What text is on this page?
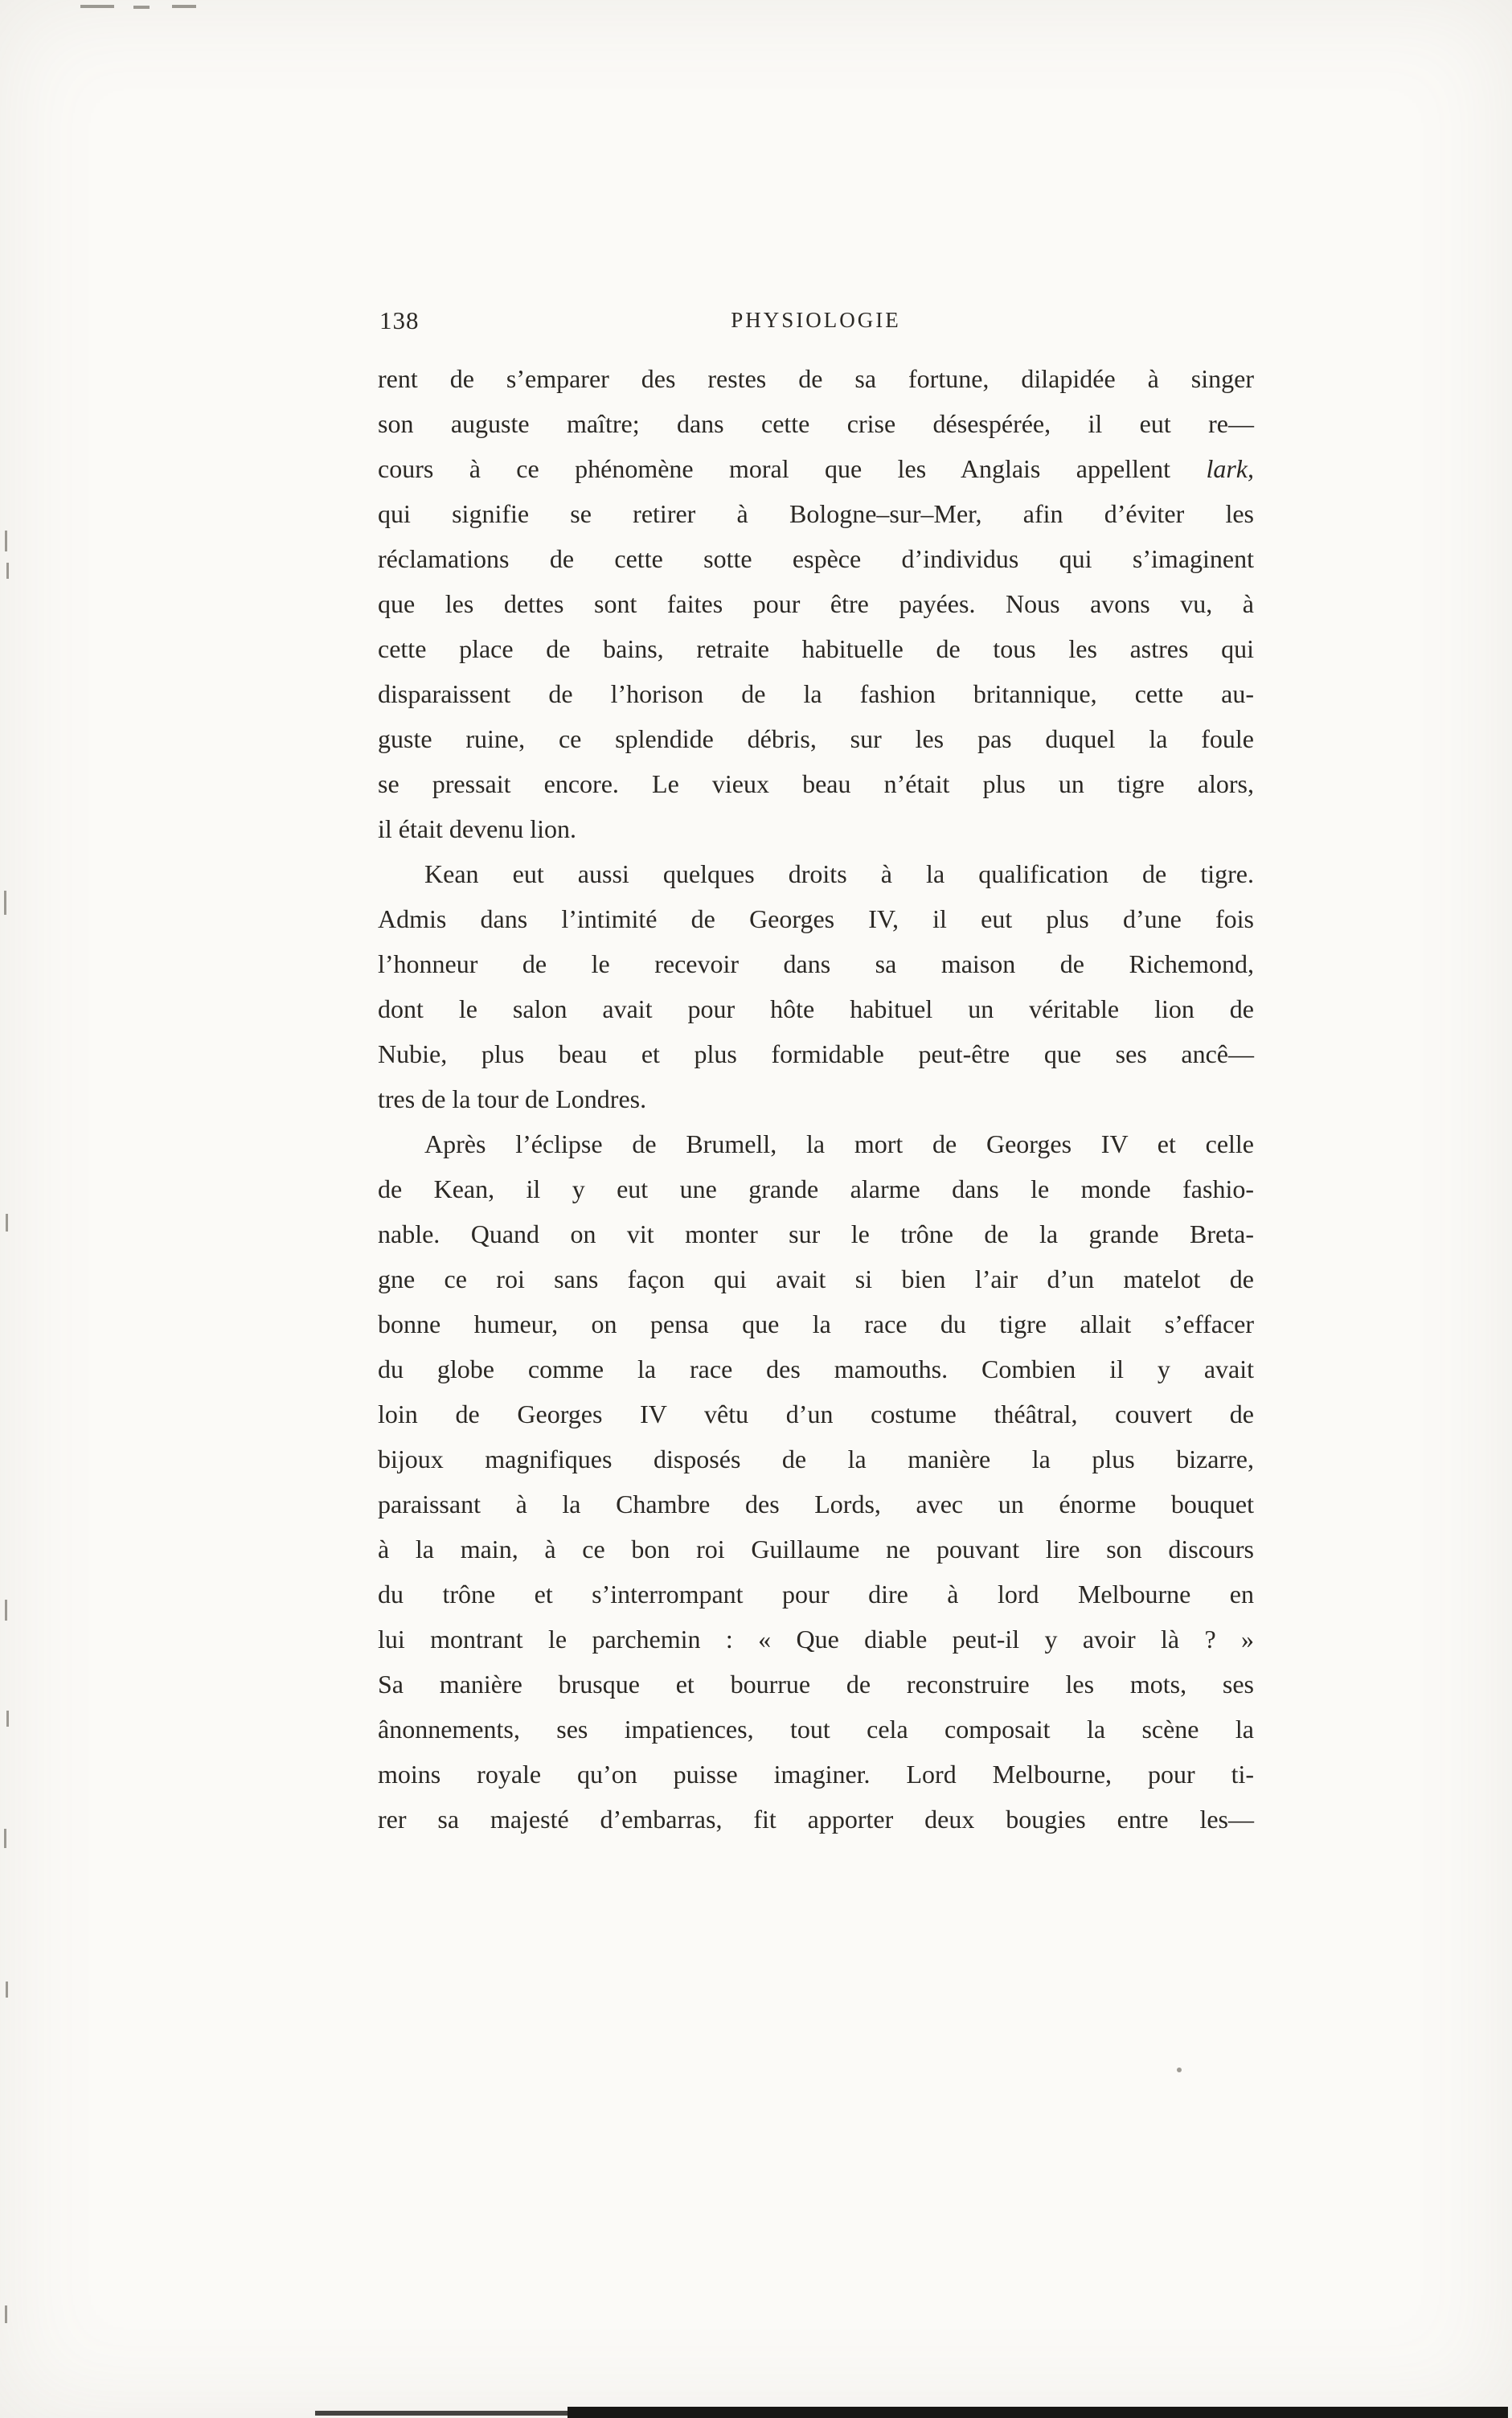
138	PHYSIOLOGIE
rent de s’emparer des restes de sa fortune, dilapidée à singer
son auguste maître; dans cette crise désespérée, il eut re—
cours à ce phénomène moral que les Anglais appellent lark,
qui signifie se retirer à Bologne–sur–Mer, afin d’éviter les
réclamations de cette sotte espèce d’individus qui s’imaginent
que les dettes sont faites pour être payées. Nous avons vu, à
cette place de bains, retraite habituelle de tous les astres qui
disparaissent de l’horison de la fashion britannique, cette au-
guste ruine, ce splendide débris, sur les pas duquel la foule
se pressait encore. Le vieux beau n’était plus un tigre alors,
il était devenu lion.
Kean eut aussi quelques droits à la qualification de tigre.
Admis dans l’intimité de Georges IV, il eut plus d’une fois
l’honneur de le recevoir dans sa maison de Richemond,
dont le salon avait pour hôte habituel un véritable lion de
Nubie, plus beau et plus formidable peut-être que ses ancê—
tres de la tour de Londres.
Après l’éclipse de Brumell, la mort de Georges IV et celle
de Kean, il y eut une grande alarme dans le monde fashio-
nable. Quand on vit monter sur le trône de la grande Breta-
gne ce roi sans façon qui avait si bien l’air d’un matelot de
bonne humeur, on pensa que la race du tigre allait s’effacer
du globe comme la race des mamouths. Combien il y avait
loin de Georges IV vêtu d’un costume théâtral, couvert de
bijoux magnifiques disposés de la manière la plus bizarre,
paraissant à la Chambre des Lords, avec un énorme bouquet
à la main, à ce bon roi Guillaume ne pouvant lire son discours
du trône et s’interrompant pour dire à lord Melbourne en
lui montrant le parchemin : « Que diable peut-il y avoir là ? »
Sa manière brusque et bourrue de reconstruire les mots, ses
ânonnements, ses impatiences, tout cela composait la scène la
moins royale qu’on puisse imaginer. Lord Melbourne, pour ti-
rer sa majesté d’embarras, fit apporter deux bougies entre les—
